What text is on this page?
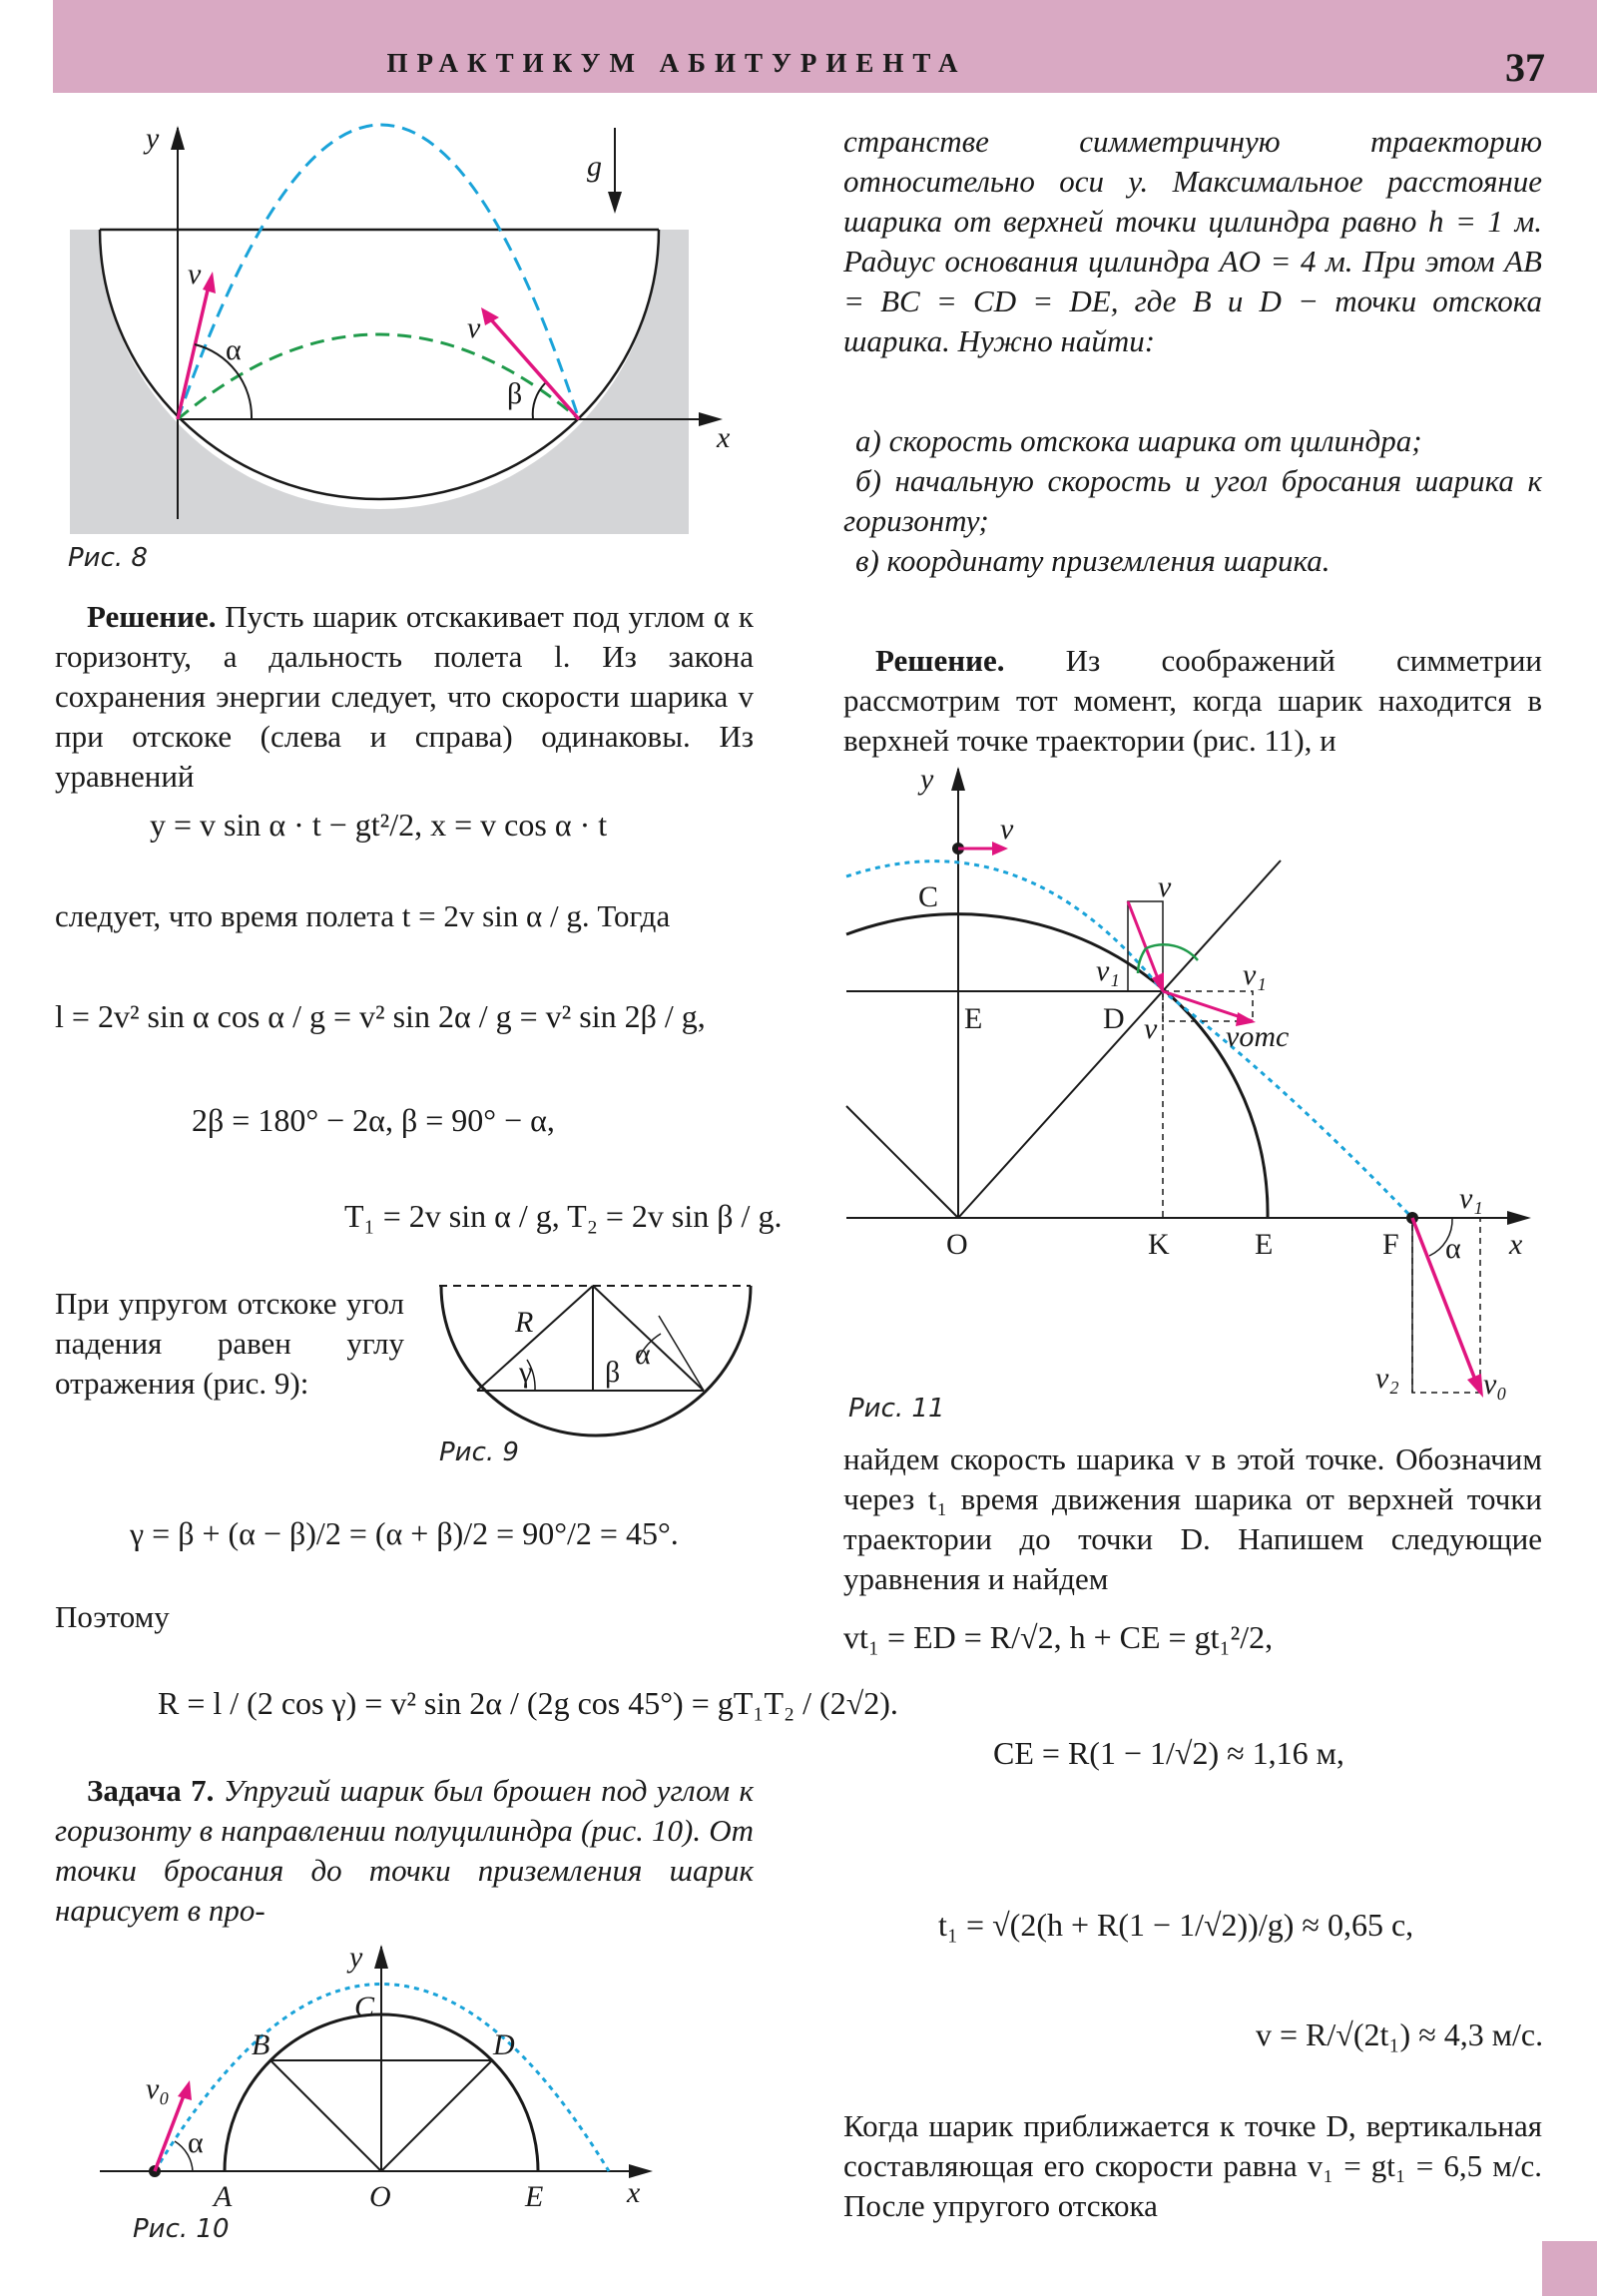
ПРАКТИКУМ АБИТУРИЕНТА	37
y
x
g
v
v
α
β
Рис. 8

Решение. Пусть шарик отскакивает под углом α к горизонту, а дальность полета l. Из закона сохранения энергии следует, что скорости шарика v при отскоке (слева и справа) одинаковы. Из уравнений

y = v sin α · t − gt²/2, x = v cos α · t
следует, что время полета t = 2v sin α / g. Тогда
l = 2v² sin α cos α / g = v² sin 2α / g = v² sin 2β / g,
2β = 180° − 2α, β = 90° − α,
T₁ = 2v sin α / g, T₂ = 2v sin β / g.
При упругом отскоке угол падения равен углу отражения (рис. 9):
R
γ β
α
Рис. 9
γ = β + (α − β)/2 = (α + β)/2 = 90°/2 = 45°.
Поэтому
R = l / (2 cos γ) = v² sin 2α / (2g cos 45°) = gT₁T₂ / (2√2).

Задача 7. Упругий шарик был брошен под углом к горизонту в направлении полуцилиндра (рис. 10). От точки бросания до точки приземления шарик нарисует в про-

y
x
C
B	D
A	O	E
v₀
α
Рис. 10
странстве симметричную траекторию относительно оси y. Максимальное расстояние шарика от верхней точки цилиндра равно h = 1 м. Радиус основания цилиндра AO = 4 м. При этом AB = BC = CD = DE, где B и D − точки отскока шарика. Нужно найти:

а) скорость отскока шарика от цилиндра;

б) начальную скорость и угол бросания шарика к горизонту;

в) координату приземления шарика.

Решение. Из соображений симметрии рассмотрим тот момент, когда шарик находится в верхней точке траектории (рис. 11), и

y
x
v
v
C
E	D
v₁	v₁
v vотс
O	K	E	F α
v₁
v₂	v₀
Рис. 11
найдем скорость шарика v в этой точке. Обозначим через t₁ время движения шарика от верхней точки траектории до точки D. Напишем следующие уравнения и найдем
vt₁ = ED = R/√2, h + CE = gt₁²/2,
CE = R(1 − 1/√2) ≈ 1,16 м,
t₁ = √(2(h + R(1 − 1/√2))/g) ≈ 0,65 с,
v = R/√(2t₁) ≈ 4,3 м/с.
Когда шарик приближается к точке D, вертикальная составляющая его скорости равна v₁ = gt₁ = 6,5 м/с. После упругого отскока
